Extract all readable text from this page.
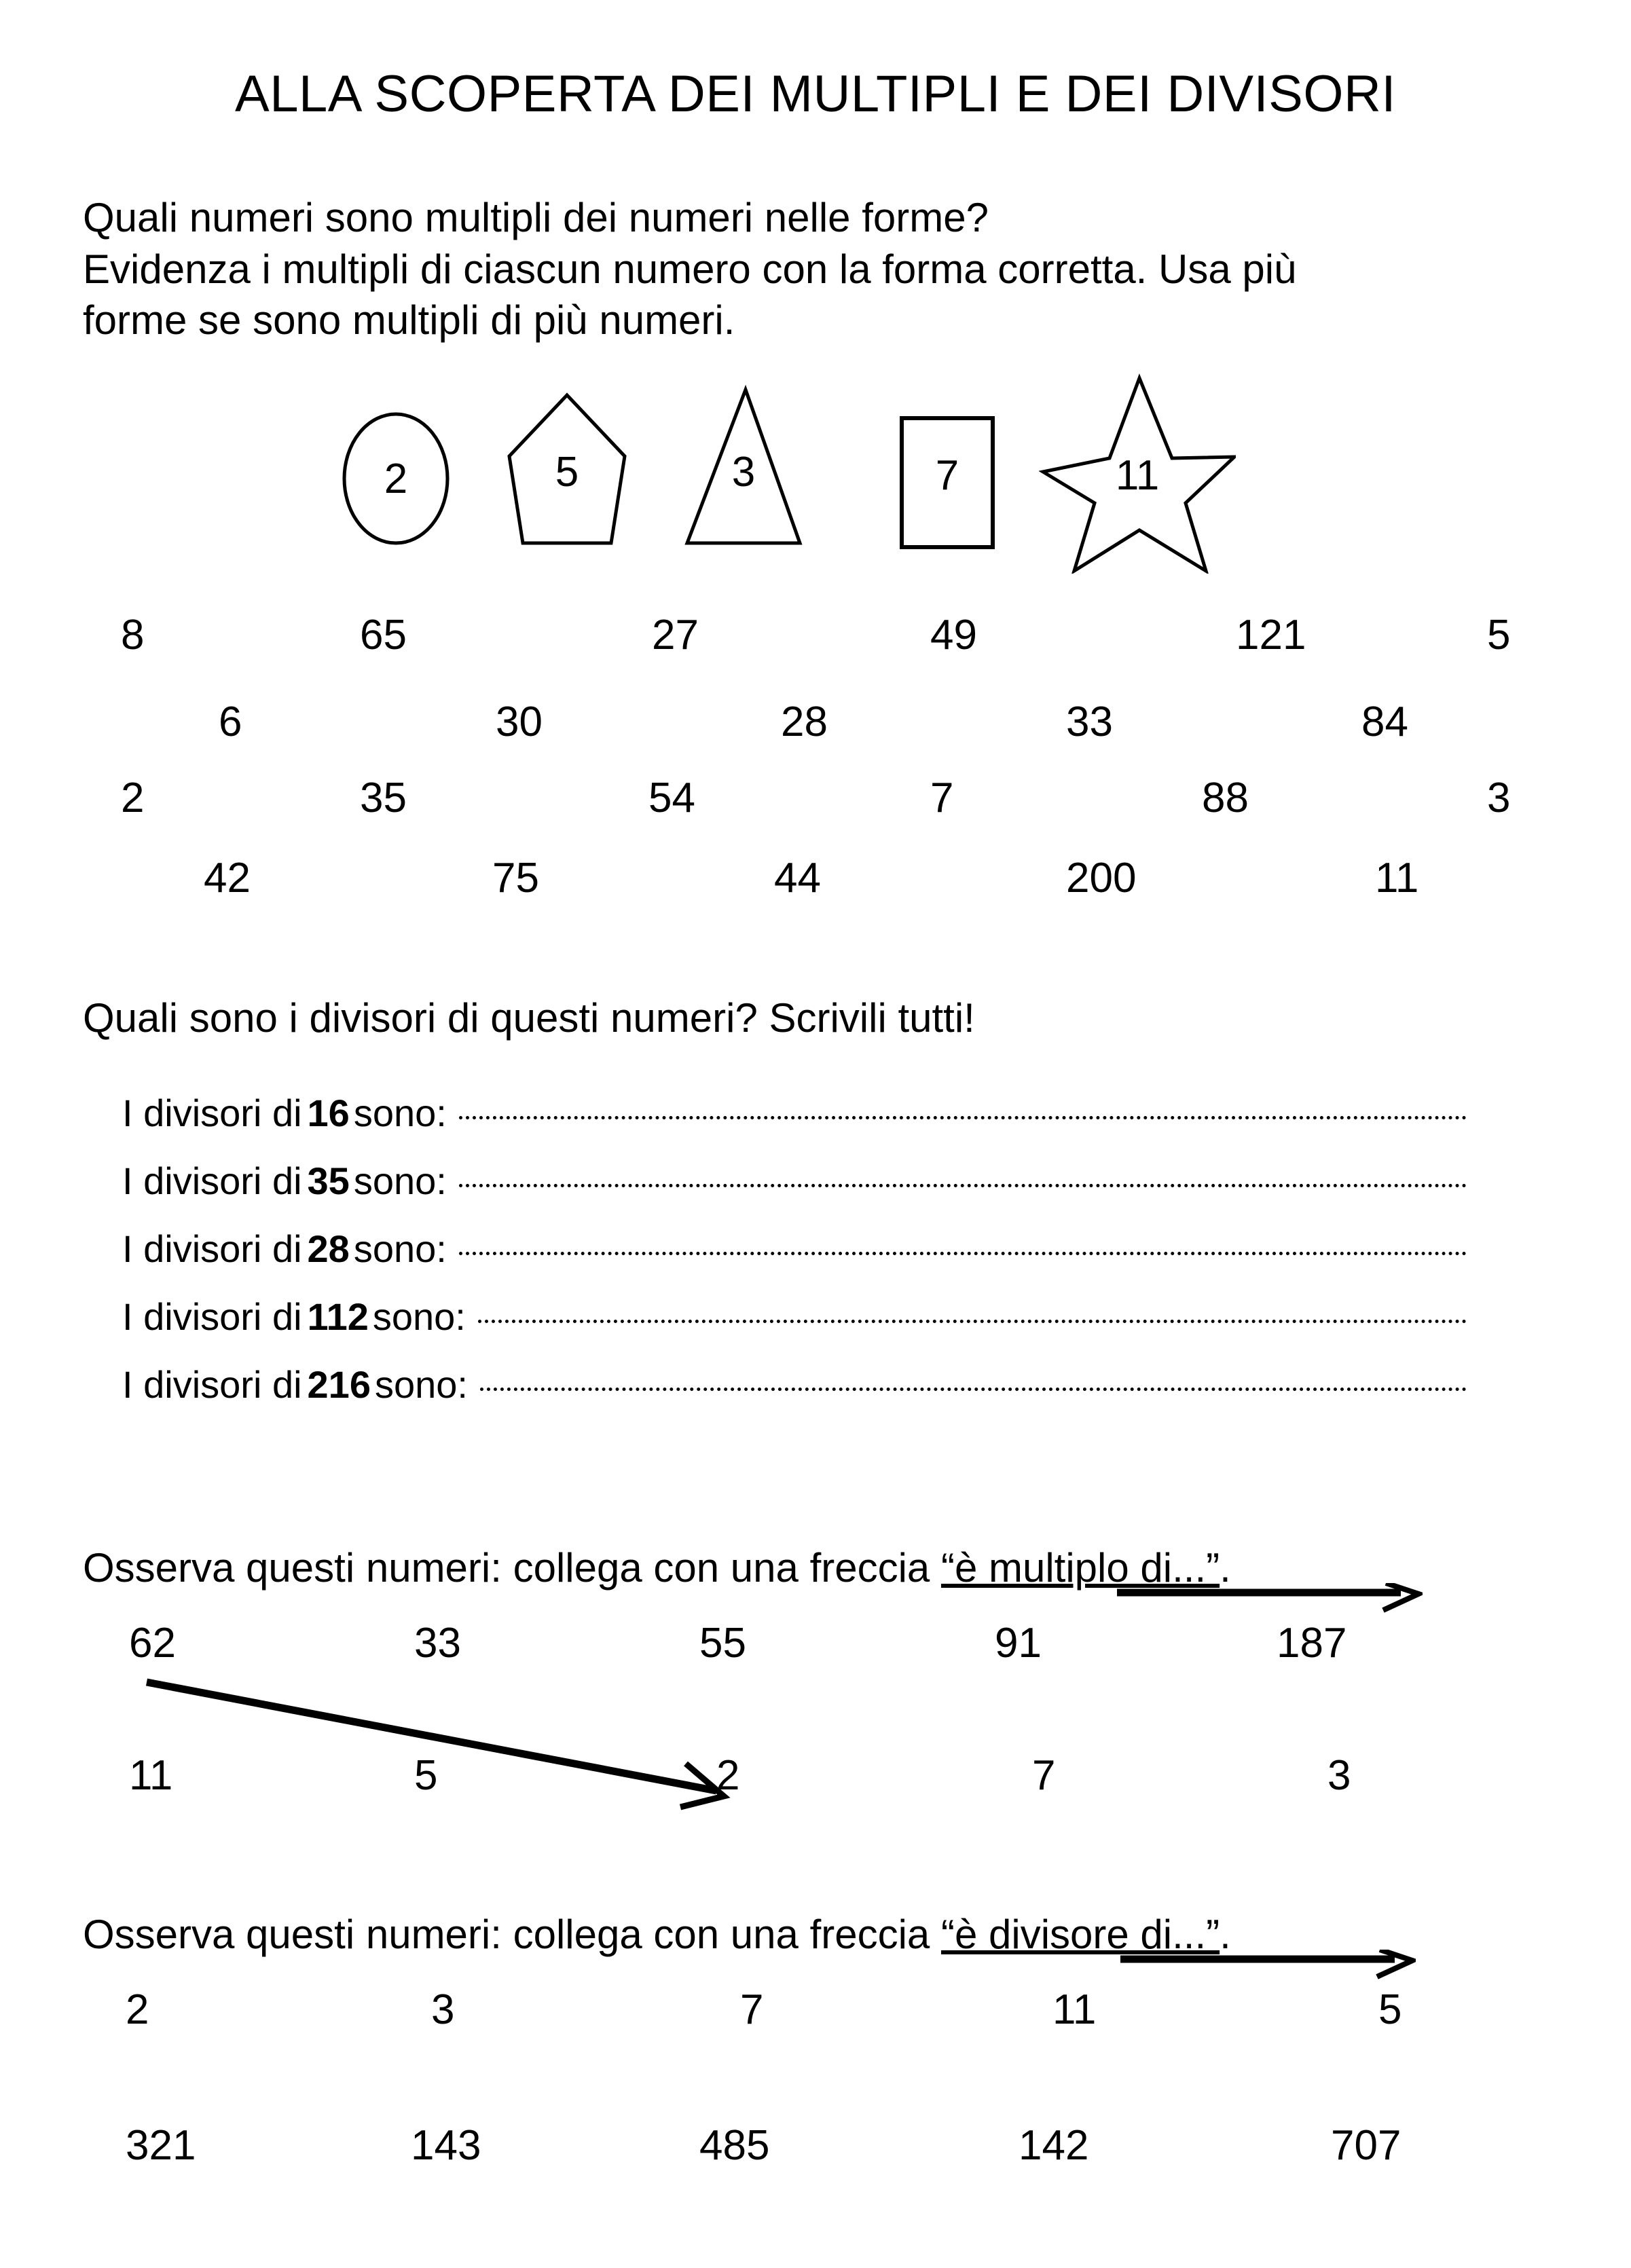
ALLA SCOPERTA DEI MULTIPLI E DEI DIVISORI
Quali numeri sono multipli dei numeri nelle forme?
Evidenza i multipli di ciascun numero con la forma corretta. Usa più
forme se sono multipli di più numeri.
2	5	3	7	11
8	65	27	49	121	5
6	30	28	33	84
2	35	54	7	88	3
42	75	44	200	11
Quali sono i divisori di questi numeri? Scrivili tutti!
I divisori di 16 sono:
I divisori di 35 sono:
I divisori di 28 sono:
I divisori di 112 sono:
I divisori di 216 sono:
Osserva questi numeri: collega con una freccia “è multiplo di...”.
62	33	55	91	187
11	5	2	7	3
Osserva questi numeri: collega con una freccia “è divisore di...”.
2	3	7	11	5
321	143	485	142	707
